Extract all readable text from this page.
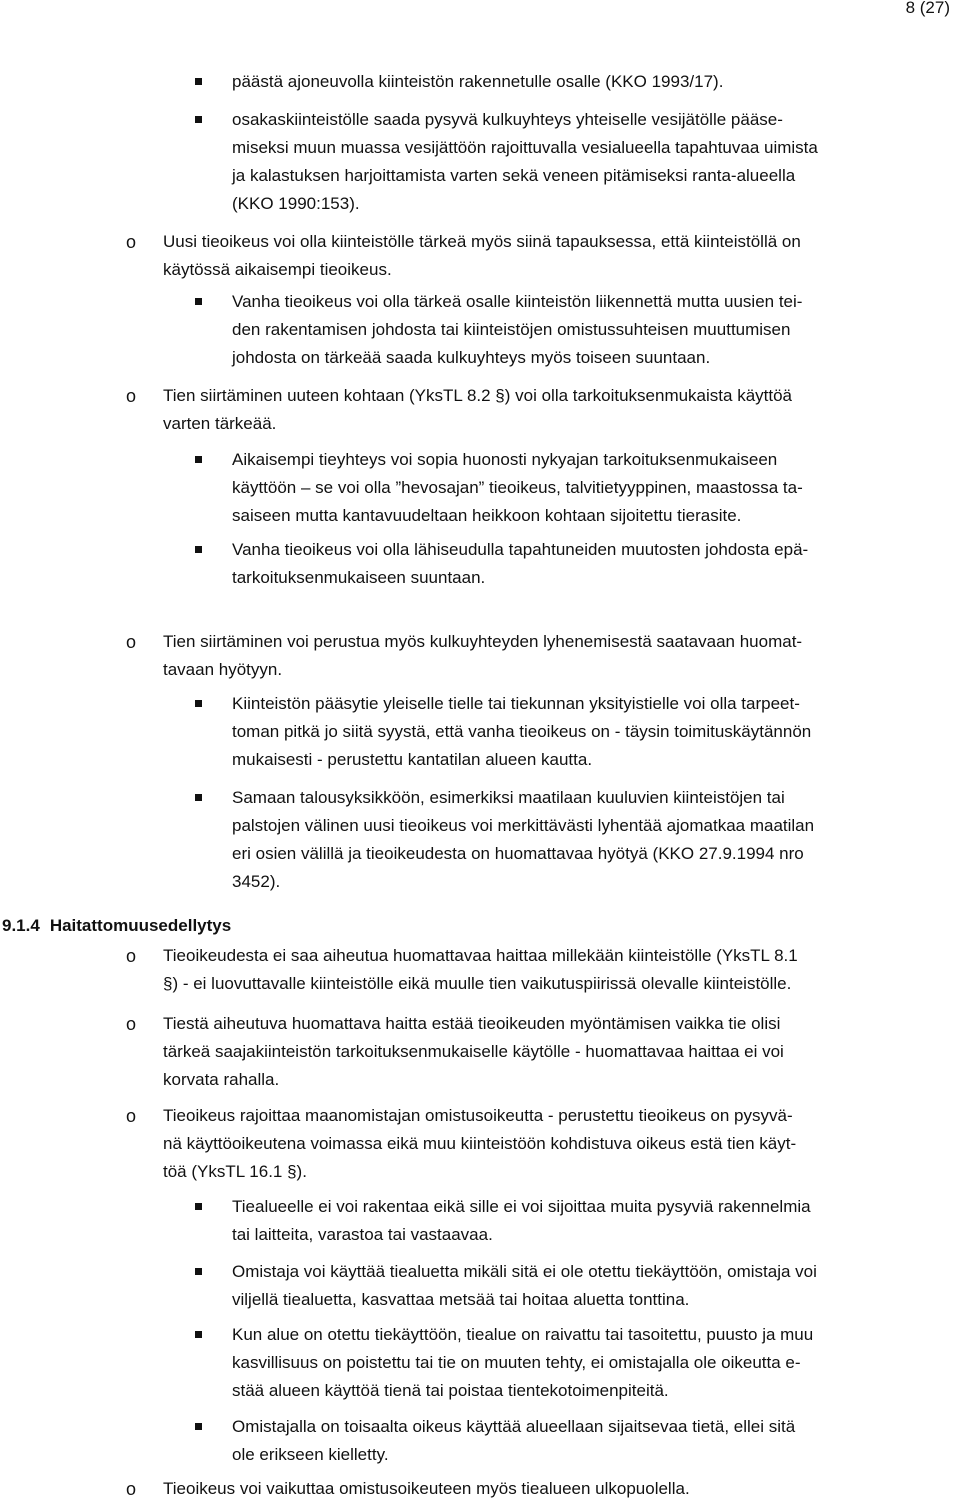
8 (27)
päästä ajoneuvolla kiinteistön rakennetulle osalle (KKO 1993/17).
osakaskiinteistölle saada pysyvä kulkuyhteys yhteiselle vesijätölle pääse-
miseksi muun muassa vesijättöön rajoittuvalla vesialueella tapahtuvaa uimista
ja kalastuksen harjoittamista varten sekä veneen pitämiseksi ranta-alueella
(KKO 1990:153).
o Uusi tieoikeus voi olla kiinteistölle tärkeä myös siinä tapauksessa, että kiinteistöllä on
käytössä aikaisempi tieoikeus.
Vanha tieoikeus voi olla tärkeä osalle kiinteistön liikennettä mutta uusien tei-
den rakentamisen johdosta tai kiinteistöjen omistussuhteisen muuttumisen
johdosta on tärkeää saada kulkuyhteys myös toiseen suuntaan.
o Tien siirtäminen uuteen kohtaan (YksTL 8.2 §) voi olla tarkoituksenmukaista käyttöä
varten tärkeää.
Aikaisempi tieyhteys voi sopia huonosti nykyajan tarkoituksenmukaiseen
käyttöön – se voi olla ”hevosajan” tieoikeus, talvitietyyppinen, maastossa ta-
saiseen mutta kantavuudeltaan heikkoon kohtaan sijoitettu tierasite.
Vanha tieoikeus voi olla lähiseudulla tapahtuneiden muutosten johdosta epä-
tarkoituksenmukaiseen suuntaan.
o Tien siirtäminen voi perustua myös kulkuyhteyden lyhenemisestä saatavaan huomat-
tavaan hyötyyn.
Kiinteistön pääsytie yleiselle tielle tai tiekunnan yksityistielle voi olla tarpeet-
toman pitkä jo siitä syystä, että vanha tieoikeus on - täysin toimituskäytännön
mukaisesti - perustettu kantatilan alueen kautta.
Samaan talousyksikköön, esimerkiksi maatilaan kuuluvien kiinteistöjen tai
palstojen välinen uusi tieoikeus voi merkittävästi lyhentää ajomatkaa maatilan
eri osien välillä ja tieoikeudesta on huomattavaa hyötyä (KKO 27.9.1994 nro
3452).
9.1.4 Haitattomuusedellytys
o Tieoikeudesta ei saa aiheutua huomattavaa haittaa millekään kiinteistölle (YksTL 8.1
§) - ei luovuttavalle kiinteistölle eikä muulle tien vaikutuspiirissä olevalle kiinteistölle.
o Tiestä aiheutuva huomattava haitta estää tieoikeuden myöntämisen vaikka tie olisi
tärkeä saajakiinteistön tarkoituksenmukaiselle käytölle - huomattavaa haittaa ei voi
korvata rahalla.
o Tieoikeus rajoittaa maanomistajan omistusoikeutta - perustettu tieoikeus on pysyvä-
nä käyttöoikeutena voimassa eikä muu kiinteistöön kohdistuva oikeus estä tien käyt-
töä (YksTL 16.1 §).
Tiealueelle ei voi rakentaa eikä sille ei voi sijoittaa muita pysyviä rakennelmia
tai laitteita, varastoa tai vastaavaa.
Omistaja voi käyttää tiealuetta mikäli sitä ei ole otettu tiekäyttöön, omistaja voi
viljellä tiealuetta, kasvattaa metsää tai hoitaa aluetta tonttina.
Kun alue on otettu tiekäyttöön, tiealue on raivattu tai tasoitettu, puusto ja muu
kasvillisuus on poistettu tai tie on muuten tehty, ei omistajalla ole oikeutta e-
stää alueen käyttöä tienä tai poistaa tientekotoimenpiteitä.
Omistajalla on toisaalta oikeus käyttää alueellaan sijaitsevaa tietä, ellei sitä
ole erikseen kielletty.
o Tieoikeus voi vaikuttaa omistusoikeuteen myös tiealueen ulkopuolella.
